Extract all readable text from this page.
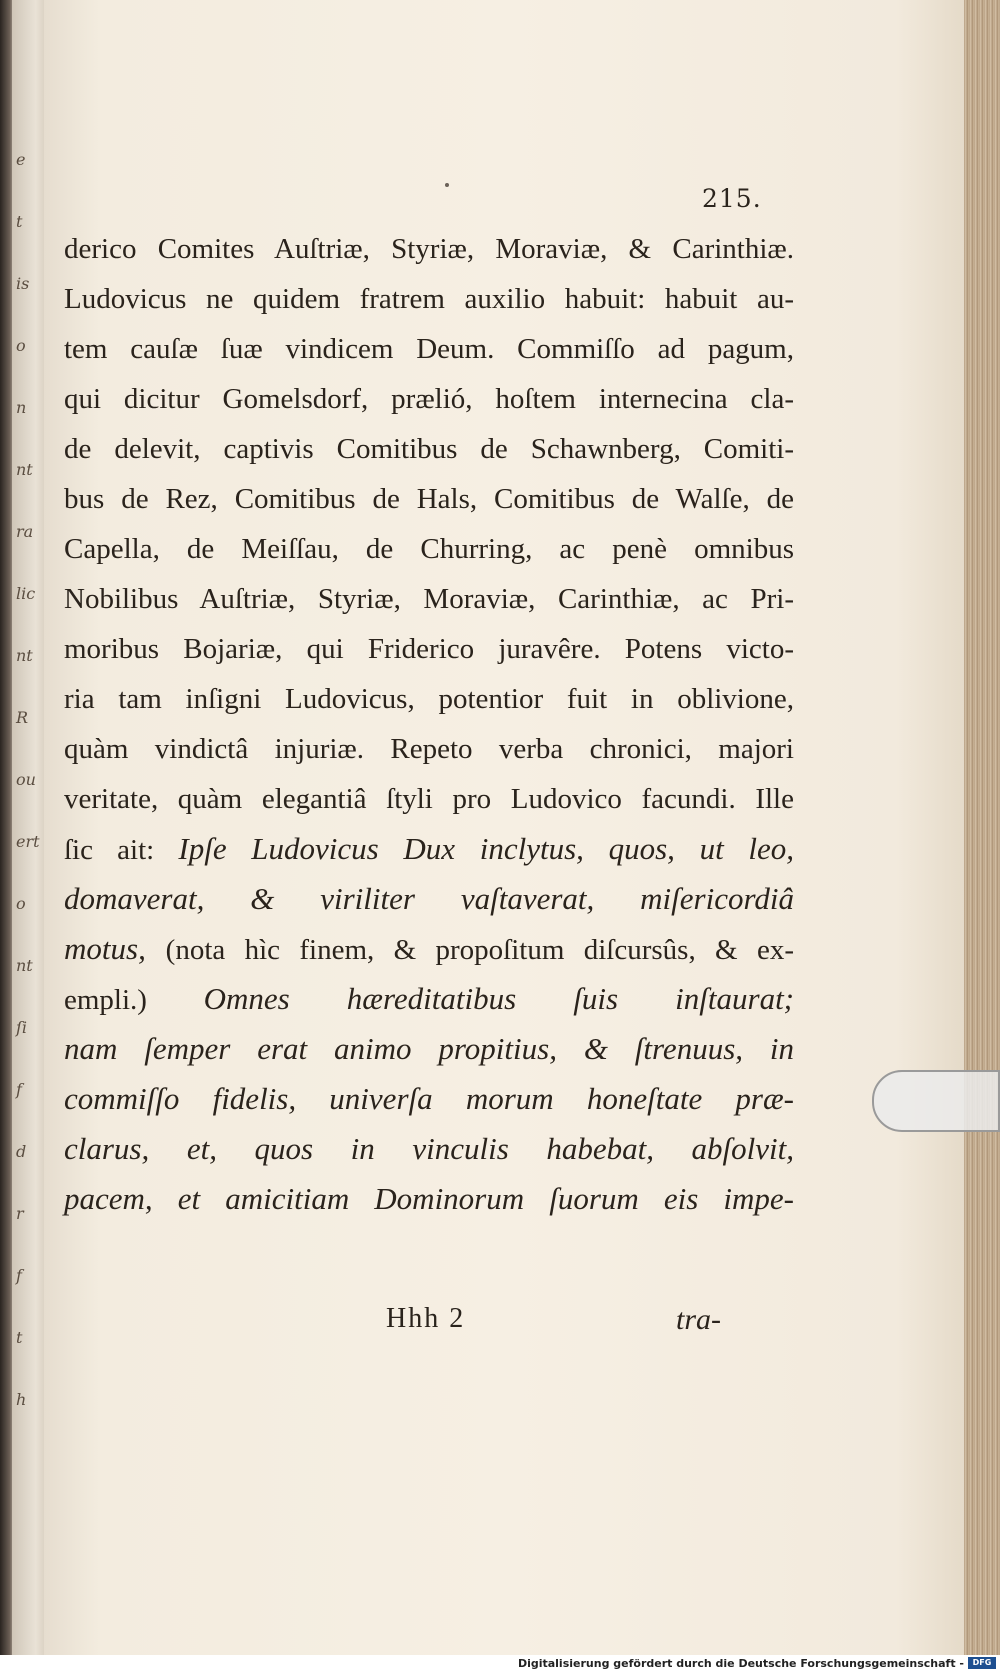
e
t
is
o
n
nt
ra
lic
nt
R
ou
ert
o
nt
ſi
f
d
r
f
t
h
215.
derico Comites Auſtriæ, Styriæ, Moraviæ, & Carinthiæ.
Ludovicus ne quidem fratrem auxilio habuit: habuit au-
tem cauſæ ſuæ vindicem Deum. Commiſſo ad pagum,
qui dicitur Gomelsdorf, prælió, hoſtem internecina cla-
de delevit, captivis Comitibus de Schawnberg, Comiti-
bus de Rez, Comitibus de Hals, Comitibus de Walſe, de
Capella, de Meiſſau, de Churring, ac penè omnibus
Nobilibus Auſtriæ, Styriæ, Moraviæ, Carinthiæ, ac Pri-
moribus Bojariæ, qui Friderico juravêre. Potens victo-
ria tam inſigni Ludovicus, potentior fuit in oblivione,
quàm vindictâ injuriæ. Repeto verba chronici, majori
veritate, quàm elegantiâ ſtyli pro Ludovico facundi. Ille
ſic ait: Ipſe Ludovicus Dux inclytus, quos, ut leo,
domaverat, & viriliter vaſtaverat, miſericordiâ
motus, (nota hìc finem, & propoſitum diſcursûs, & ex-
empli.) Omnes hæreditatibus ſuis inſtaurat;
nam ſemper erat animo propitius, & ſtrenuus, in
commiſſo fidelis, univerſa morum honeſtate præ-
clarus, et, quos in vinculis habebat, abſolvit,
pacem, et amicitiam Dominorum ſuorum eis impe-
Hhh 2	tra-
Digitalisierung gefördert durch die Deutsche Forschungsgemeinschaft -	DFG
